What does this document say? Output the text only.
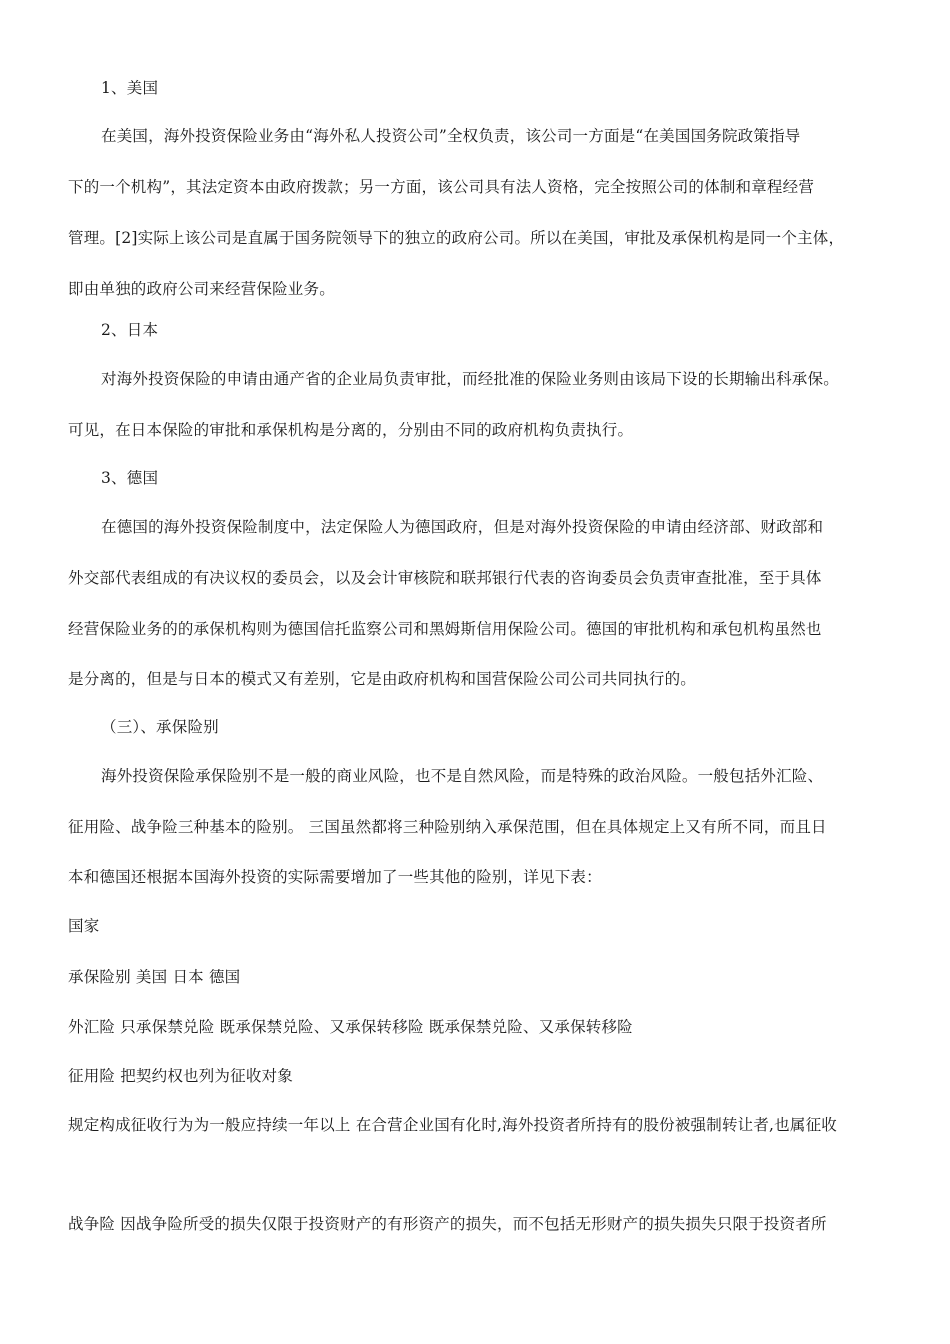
1、美国
在美国，海外投资保险业务由“海外私人投资公司”全权负责，该公司一方面是“在美国国务院政策指导
下的一个机构”，其法定资本由政府拨款；另一方面，该公司具有法人资格，完全按照公司的体制和章程经营
管理。[2]实际上该公司是直属于国务院领导下的独立的政府公司。所以在美国，审批及承保机构是同一个主体，
即由单独的政府公司来经营保险业务。
2、日本
对海外投资保险的申请由通产省的企业局负责审批，而经批准的保险业务则由该局下设的长期输出科承保。
可见，在日本保险的审批和承保机构是分离的，分别由不同的政府机构负责执行。
3、德国
在德国的海外投资保险制度中，法定保险人为德国政府，但是对海外投资保险的申请由经济部、财政部和
外交部代表组成的有决议权的委员会，以及会计审核院和联邦银行代表的咨询委员会负责审查批准，至于具体
经营保险业务的的承保机构则为德国信托监察公司和黑姆斯信用保险公司。德国的审批机构和承包机构虽然也
是分离的，但是与日本的模式又有差别，它是由政府机构和国营保险公司公司共同执行的。
（三）、承保险别
海外投资保险承保险别不是一般的商业风险，也不是自然风险，而是特殊的政治风险。一般包括外汇险、
征用险、战争险三种基本的险别。 三国虽然都将三种险别纳入承保范围，但在具体规定上又有所不同，而且日
本和德国还根据本国海外投资的实际需要增加了一些其他的险别，详见下表：
国家
承保险别 美国 日本 德国
外汇险 只承保禁兑险 既承保禁兑险、又承保转移险 既承保禁兑险、又承保转移险
征用险 把契约权也列为征收对象
规定构成征收行为为一般应持续一年以上 在合营企业国有化时,海外投资者所持有的股份被强制转让者,也属征收
战争险 因战争险所受的损失仅限于投资财产的有形资产的损失，而不包括无形财产的损失损失只限于投资者所
